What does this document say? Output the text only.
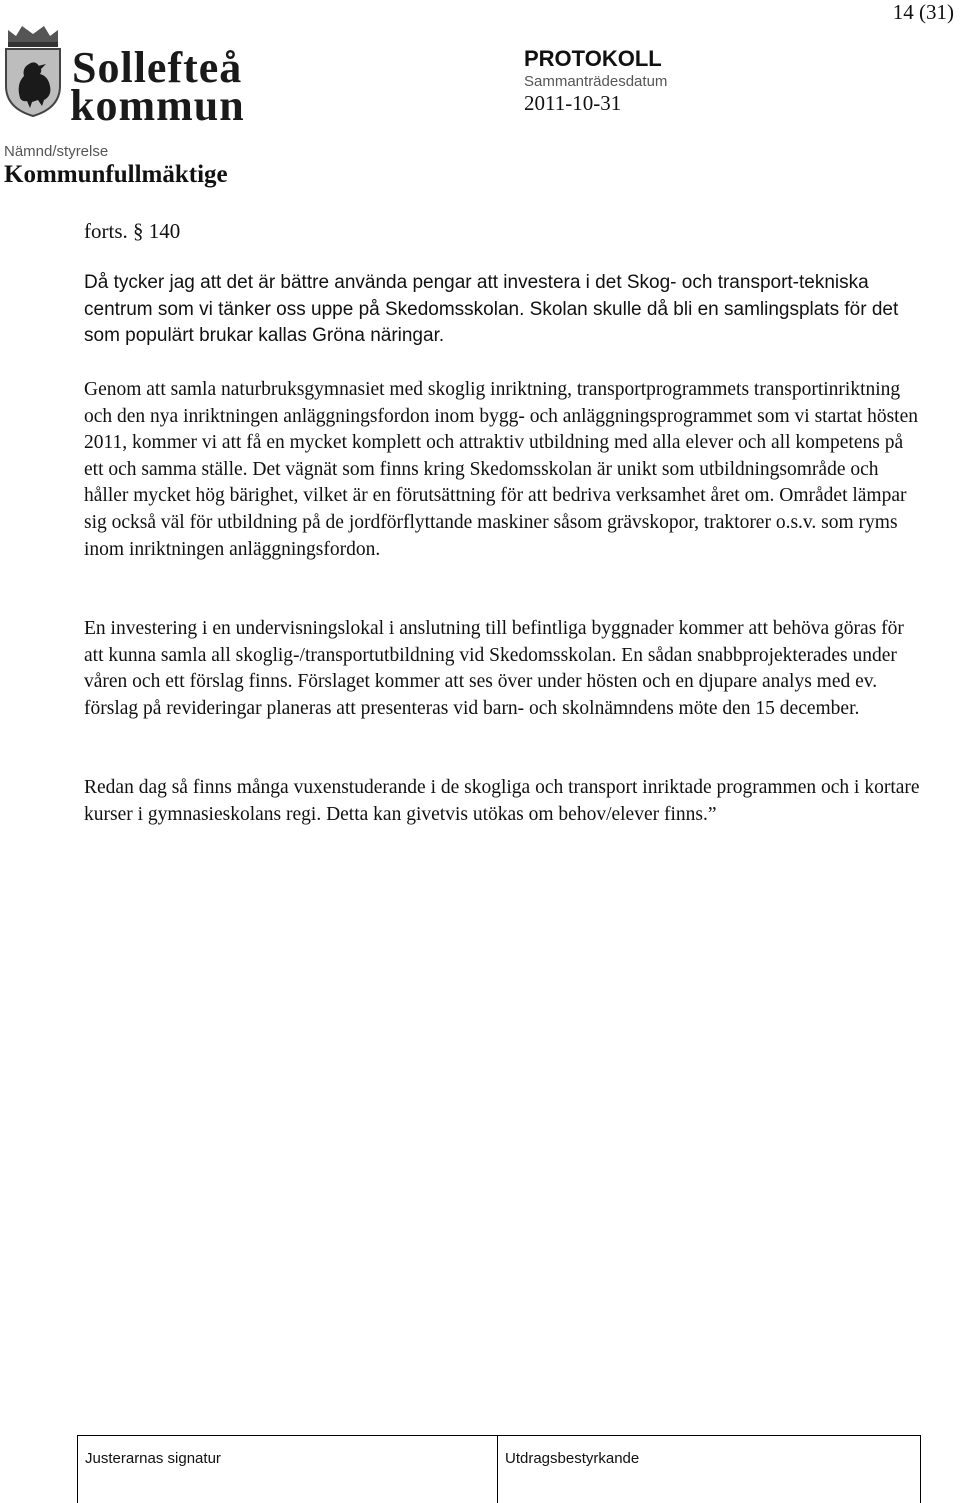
14 (31)
Sollefteå
kommun
PROTOKOLL
Sammanträdesdatum
2011-10-31
Nämnd/styrelse
Kommunfullmäktige
forts. § 140

Då tycker jag att det är bättre använda pengar att investera i det Skog- och transport-tekniska centrum som vi tänker oss uppe på Skedomsskolan. Skolan skulle då bli en samlingsplats för det som populärt brukar kallas Gröna näringar.

Genom att samla naturbruksgymnasiet med skoglig inriktning, transportprogrammets transportinriktning och den nya inriktningen anläggningsfordon inom bygg- och anläggningsprogrammet som vi startat hösten 2011, kommer vi att få en mycket komplett och attraktiv utbildning med alla elever och all kompetens på ett och samma ställe. Det vägnät som finns kring Skedomsskolan är unikt som utbildningsområde och håller mycket hög bärighet, vilket är en förutsättning för att bedriva verksamhet året om. Området lämpar sig också väl för utbildning på de jordförflyttande maskiner såsom grävskopor, traktorer o.s.v. som ryms inom inriktningen anläggningsfordon.

En investering i en undervisningslokal i anslutning till befintliga byggnader kommer att behöva göras för att kunna samla all skoglig-/transportutbildning vid Skedomsskolan. En sådan snabbprojekterades under våren och ett förslag finns. Förslaget kommer att ses över under hösten och en djupare analys med ev. förslag på revideringar planeras att presenteras vid barn- och skolnämndens möte den 15 december.

Redan dag så finns många vuxenstuderande i de skogliga och transport inriktade programmen och i kortare kurser i gymnasieskolans regi. Detta kan givetvis utökas om behov/elever finns.”

Justerarnas signatur	Utdragsbestyrkande
